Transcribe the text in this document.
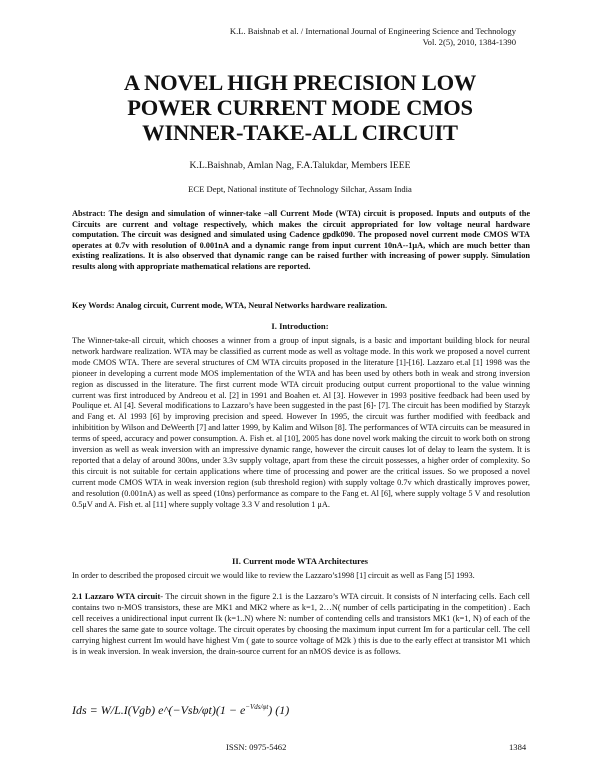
K.L. Baishnab et al. / International Journal of Engineering Science and Technology
Vol. 2(5), 2010, 1384-1390
A NOVEL HIGH PRECISION LOW
POWER CURRENT MODE CMOS
WINNER-TAKE-ALL CIRCUIT
K.L.Baishnab, Amlan Nag, F.A.Talukdar, Members IEEE
ECE Dept, National institute of Technology Silchar, Assam India
Abstract: The design and simulation of winner-take –all Current Mode (WTA) circuit is proposed. Inputs and outputs of the Circuits are current and voltage respectively, which makes the circuit appropriated for low voltage neural hardware computation. The circuit was designed and simulated using Cadence gpdk090. The proposed novel current mode CMOS WTA operates at 0.7v with resolution of 0.001nA and a dynamic range from input current 10nA--1μA, which are much better than existing realizations. It is also observed that dynamic range can be raised further with increasing of power supply. Simulation results along with appropriate mathematical relations are reported.
Key Words: Analog circuit, Current mode, WTA, Neural Networks hardware realization.
I. Introduction:
The Winner-take-all circuit, which chooses a winner from a group of input signals, is a basic and important building block for neural network hardware realization. WTA may be classified as current mode as well as voltage mode. In this work we proposed a novel current mode CMOS WTA. There are several structures of CM WTA circuits proposed in the literature [1]-[16]. Lazzaro et.al [1] 1998 was the pioneer in developing a current mode MOS implementation of the WTA and has been used by others both in weak and strong inversion region as discussed in the literature. The first current mode WTA circuit producing output current proportional to the value winning current was first introduced by Andreou et al. [2] in 1991 and Boahen et. Al [3]. However in 1993 positive feedback had been used by Poulique et. Al [4]. Several modifications to Lazzaro’s have been suggested in the past [6]- [7]. The circuit has been modified by Starzyk and Fang et. Al 1993 [6] by improving precision and speed. However In 1995, the circuit was further modified with feedback and inhibitition by Wilson and DeWeerth [7] and latter 1999, by Kalim and Wilson [8]. The performances of WTA circuits can be measured in terms of speed, accuracy and power consumption. A. Fish et. al [10], 2005 has done novel work making the circuit to work both on strong inversion as well as weak inversion with an impressive dynamic range, however the circuit causes lot of delay to learn the system. It is reported that a delay of around 300ns, under 3.3v supply voltage, apart from these the circuit possesses, a higher order of complexity. So this circuit is not suitable for certain applications where time of processing and power are the critical issues. So we proposed a novel current mode CMOS WTA in weak inversion region (sub threshold region) with supply voltage 0.7v which drastically improves power, and resolution (0.001nA) as well as speed (10ns) performance as compare to the Fang et. Al [6], where supply voltage 5 V and resolution 0.5μV and A. Fish et. al [11] where supply voltage 3.3 V and resolution 1 μA.
II. Current mode WTA Architectures
In order to described the proposed circuit we would like to review the Lazzaro’s1998 [1] circuit as well as Fang [5] 1993.
2.1 Lazzaro WTA circuit- The circuit shown in the figure 2.1 is the Lazzaro’s WTA circuit. It consists of N interfacing cells. Each cell contains two n-MOS transistors, these are MK1 and MK2 where as k=1, 2…N( number of cells participating in the competition) . Each cell receives a unidirectional input current Ik (k=1..N) where N: number of contending cells and transistors MK1 (k=1, N) of each of the cell shares the same gate to source voltage. The circuit operates by choosing the maximum input current Im for a particular cell. The cell carrying highest current Im would have highest Vm ( gate to source voltage of M2k ) this is due to the early effect at transistor M1 which is in weak inversion. In weak inversion, the drain-source current for an nMOS device is as follows.
Ids = W/L.I(Vgb) e^(−Vsb/φt)(1 − $e^{-Vds/\varphi t}$) (1)
ISSN: 0975-5462	1384
